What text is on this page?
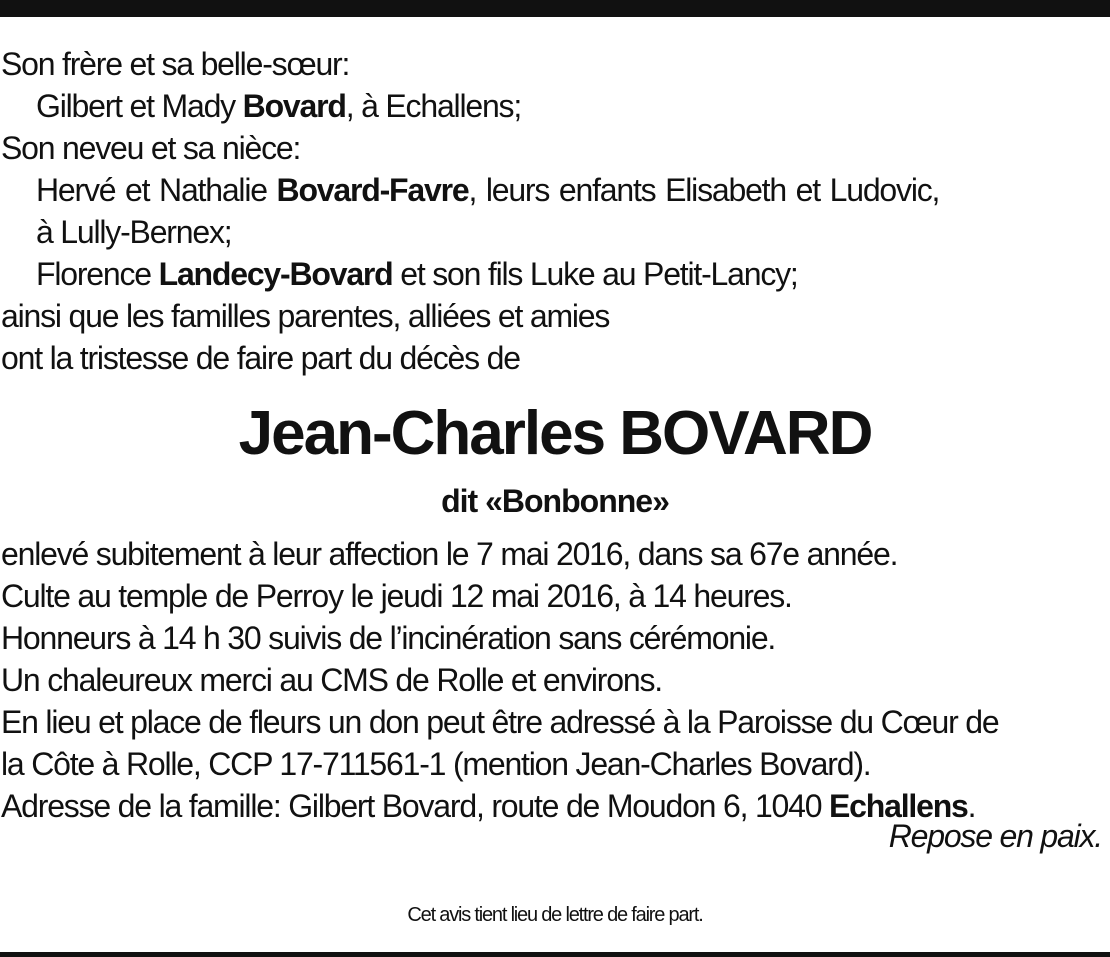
Son frère et sa belle-sœur:
Gilbert et Mady Bovard, à Echallens;
Son neveu et sa nièce:
Hervé et Nathalie Bovard-Favre, leurs enfants Elisabeth et Ludovic,
à Lully-Bernex;
Florence Landecy-Bovard et son fils Luke au Petit-Lancy;
ainsi que les familles parentes, alliées et amies
ont la tristesse de faire part du décès de
Jean-Charles BOVARD
dit «Bonbonne»
enlevé subitement à leur affection le 7 mai 2016, dans sa 67e année.
Culte au temple de Perroy le jeudi 12 mai 2016, à 14 heures.
Honneurs à 14 h 30 suivis de l’incinération sans cérémonie.
Un chaleureux merci au CMS de Rolle et environs.
En lieu et place de fleurs un don peut être adressé à la Paroisse du Cœur de
la Côte à Rolle, CCP 17-711561-1 (mention Jean-Charles Bovard).
Adresse de la famille: Gilbert Bovard, route de Moudon 6, 1040 Echallens.
Repose en paix.
Cet avis tient lieu de lettre de faire part.
